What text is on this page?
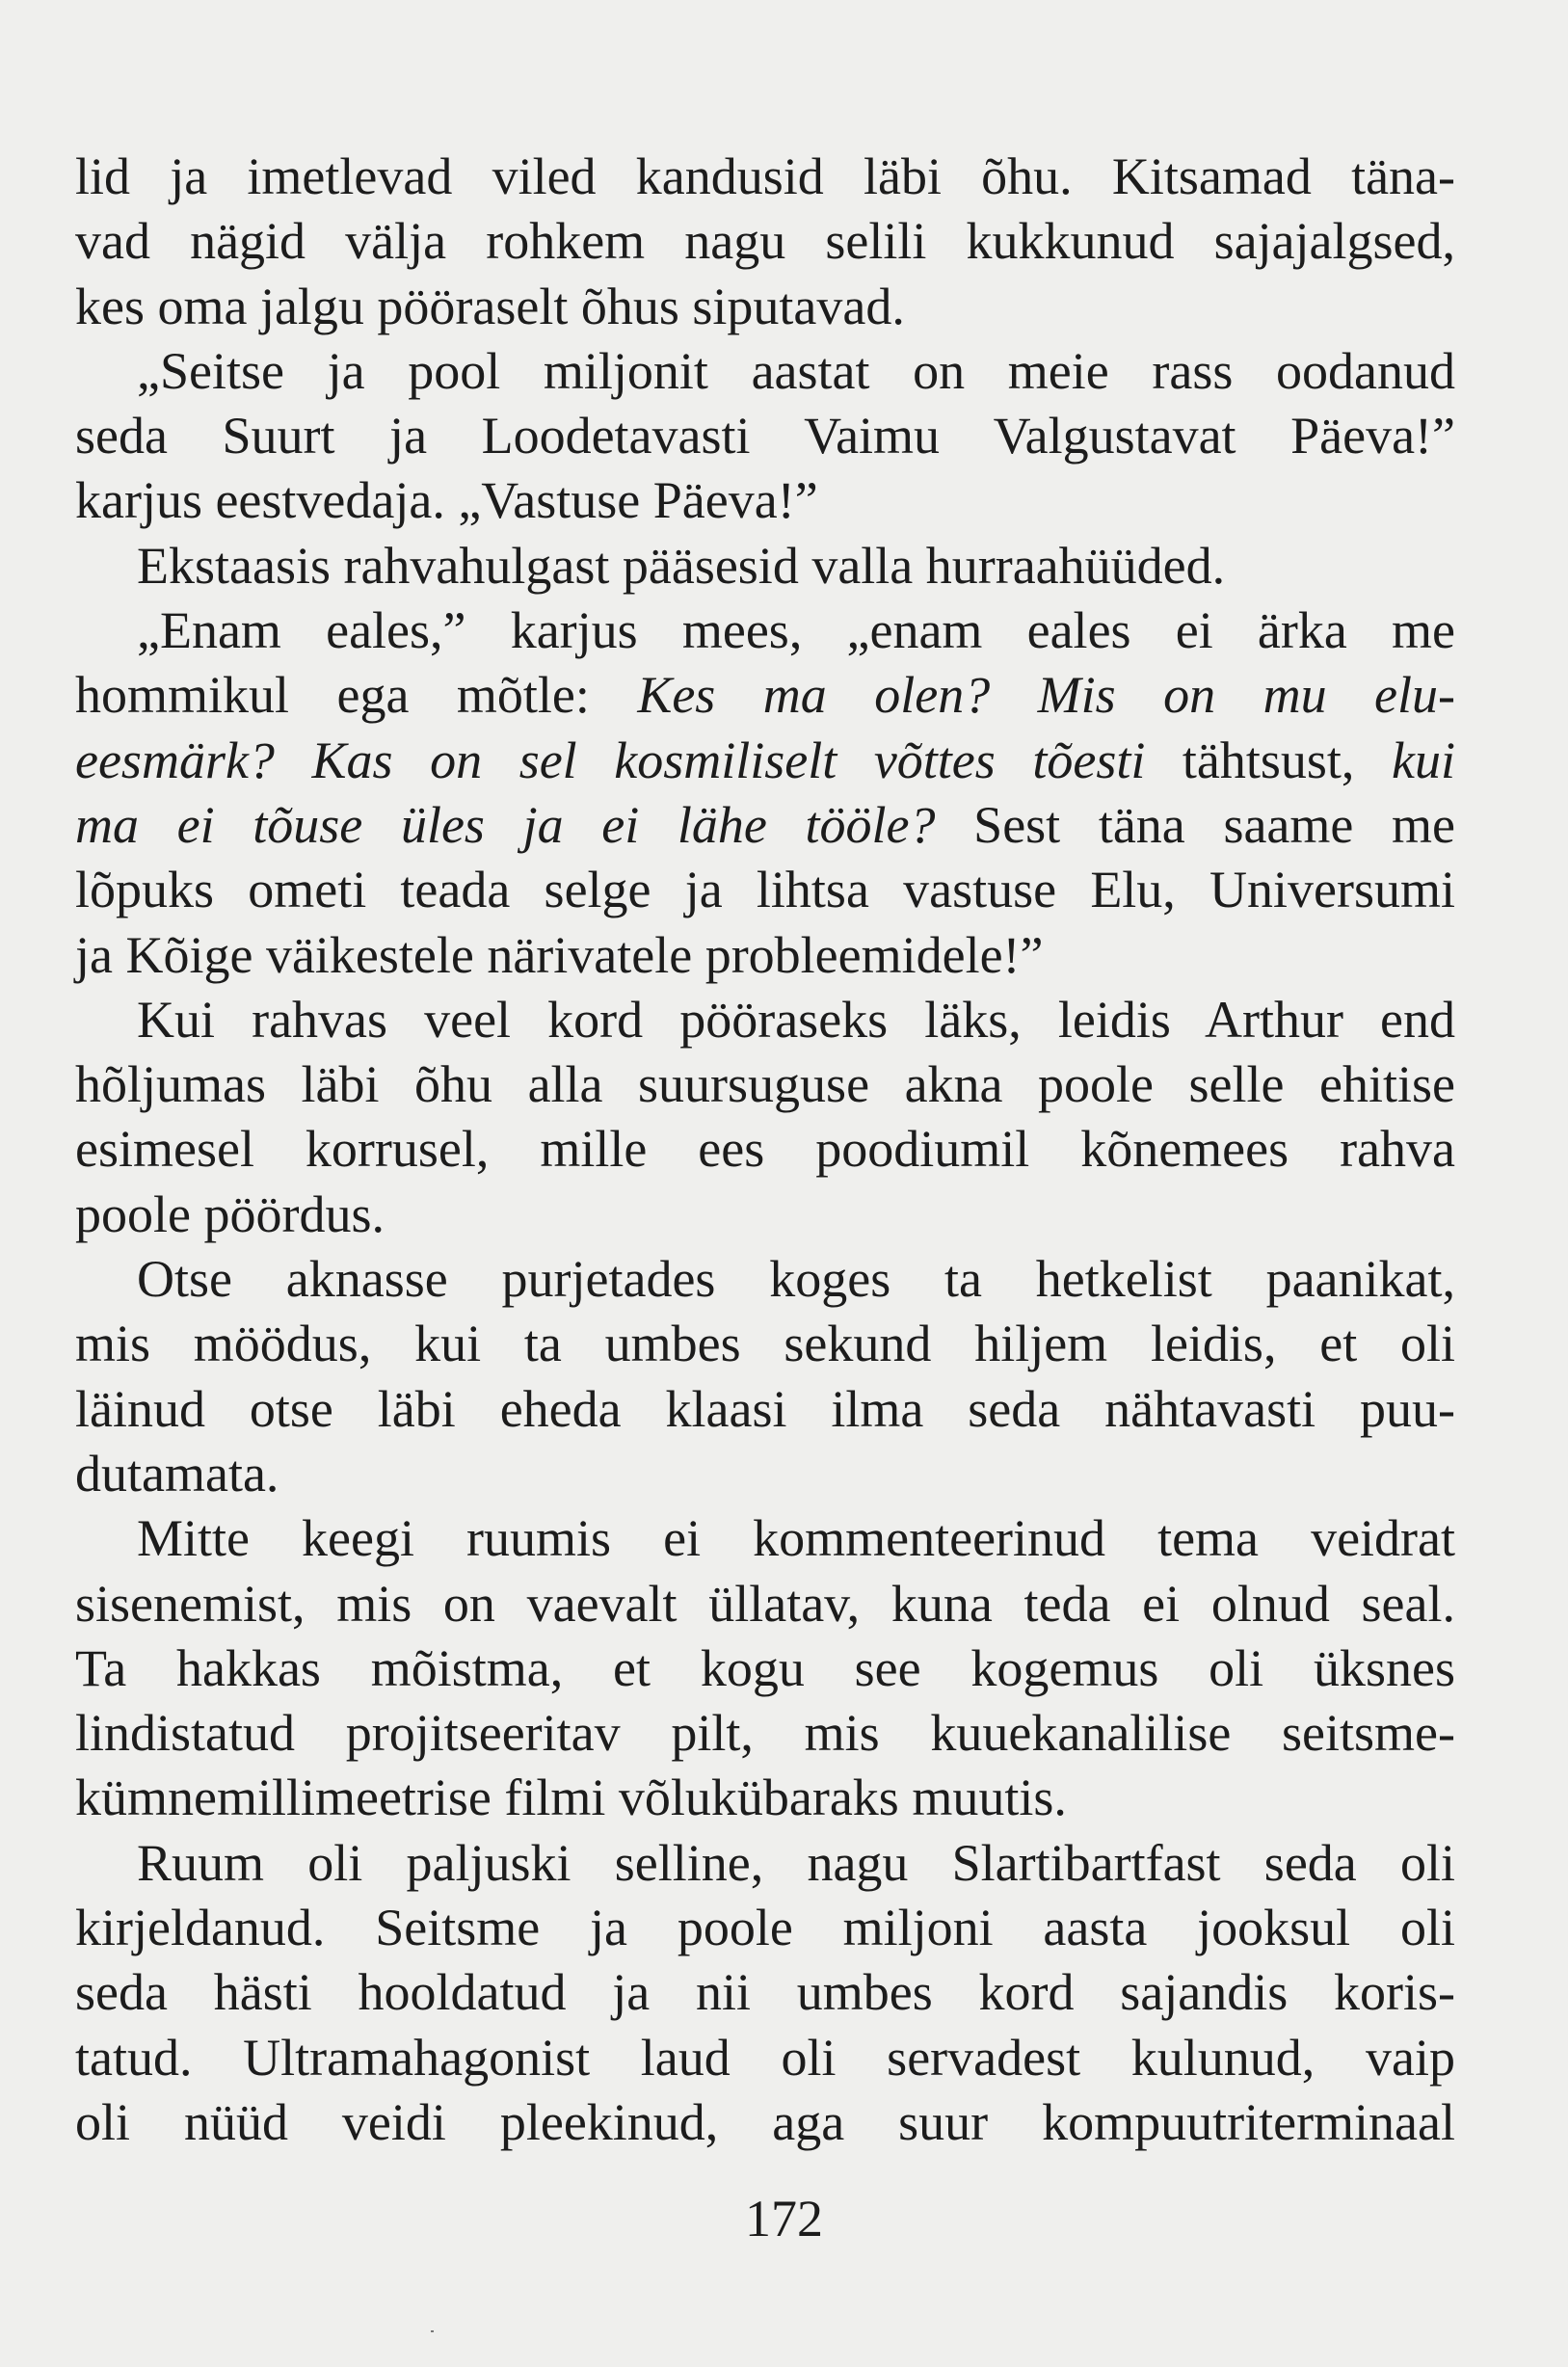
lid ja imetlevad viled kandusid läbi õhu. Kitsamad täna-
vad nägid välja rohkem nagu selili kukkunud sajajalgsed,
kes oma jalgu pööraselt õhus siputavad.
„Seitse ja pool miljonit aastat on meie rass oodanud
seda Suurt ja Loodetavasti Vaimu Valgustavat Päeva!”
karjus eestvedaja. „Vastuse Päeva!”
Ekstaasis rahvahulgast pääsesid valla hurraahüüded.
„Enam eales,” karjus mees, „enam eales ei ärka me
hommikul ega mõtle: Kes ma olen? Mis on mu elu-
eesmärk? Kas on sel kosmiliselt võttes tõesti tähtsust, kui
ma ei tõuse üles ja ei lähe tööle? Sest täna saame me
lõpuks ometi teada selge ja lihtsa vastuse Elu, Universumi
ja Kõige väikestele närivatele probleemidele!”
Kui rahvas veel kord pööraseks läks, leidis Arthur end
hõljumas läbi õhu alla suursuguse akna poole selle ehitise
esimesel korrusel, mille ees poodiumil kõnemees rahva
poole pöördus.
Otse aknasse purjetades koges ta hetkelist paanikat,
mis möödus, kui ta umbes sekund hiljem leidis, et oli
läinud otse läbi eheda klaasi ilma seda nähtavasti puu-
dutamata.
Mitte keegi ruumis ei kommenteerinud tema veidrat
sisenemist, mis on vaevalt üllatav, kuna teda ei olnud seal.
Ta hakkas mõistma, et kogu see kogemus oli üksnes
lindistatud projitseeritav pilt, mis kuuekanalilise seitsme-
kümnemillimeetrise filmi võlukübaraks muutis.
Ruum oli paljuski selline, nagu Slartibartfast seda oli
kirjeldanud. Seitsme ja poole miljoni aasta jooksul oli
seda hästi hooldatud ja nii umbes kord sajandis koris-
tatud. Ultramahagonist laud oli servadest kulunud, vaip
oli nüüd veidi pleekinud, aga suur kompuutriterminaal
172
